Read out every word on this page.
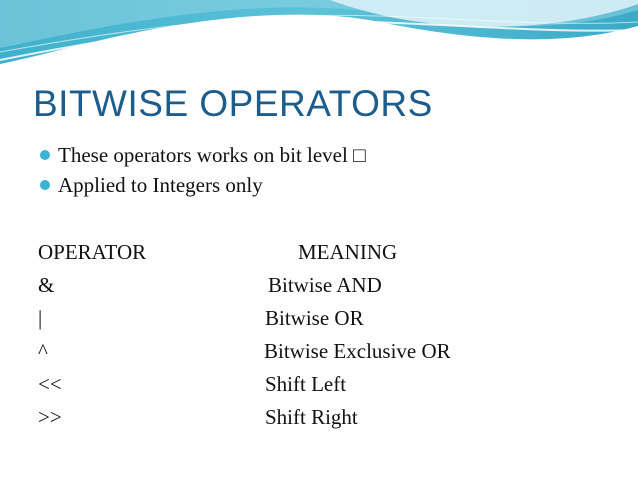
BITWISE OPERATORS
These operators works on bit level □
Applied to Integers only
OPERATOR	MEANING
&	Bitwise AND
|	Bitwise OR
^	Bitwise Exclusive OR
<<	Shift Left
>>	Shift Right
